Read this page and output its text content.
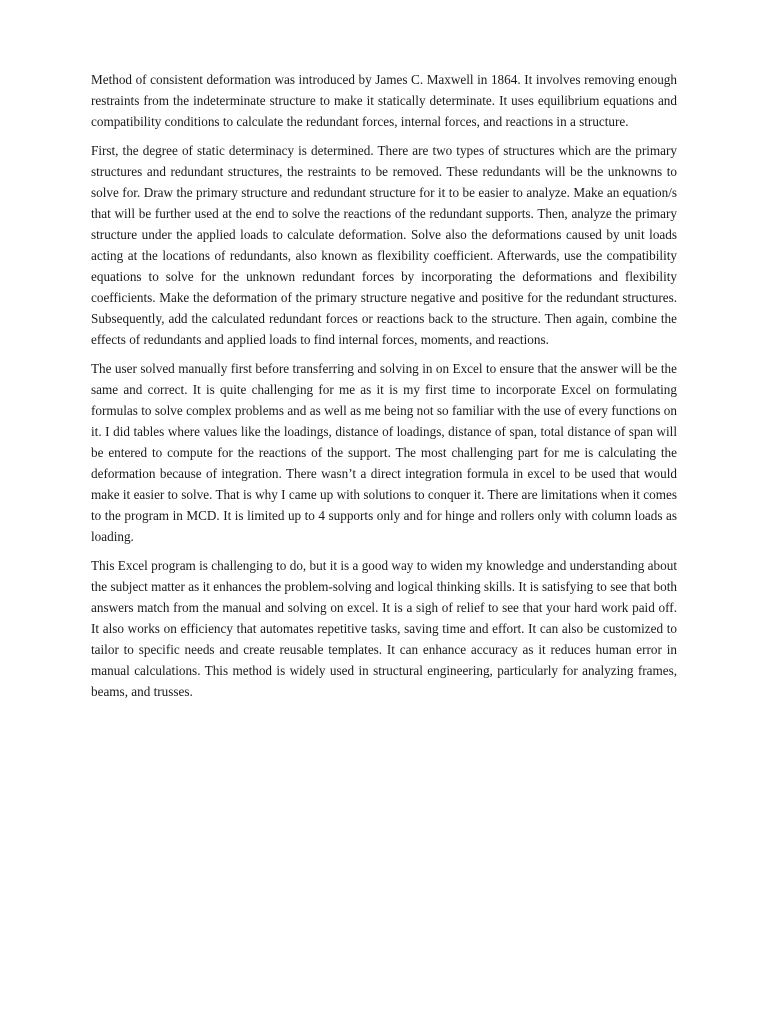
Method of consistent deformation was introduced by James C. Maxwell in 1864. It involves removing enough restraints from the indeterminate structure to make it statically determinate. It uses equilibrium equations and compatibility conditions to calculate the redundant forces, internal forces, and reactions in a structure.

First, the degree of static determinacy is determined. There are two types of structures which are the primary structures and redundant structures, the restraints to be removed. These redundants will be the unknowns to solve for. Draw the primary structure and redundant structure for it to be easier to analyze. Make an equation/s that will be further used at the end to solve the reactions of the redundant supports. Then, analyze the primary structure under the applied loads to calculate deformation. Solve also the deformations caused by unit loads acting at the locations of redundants, also known as flexibility coefficient. Afterwards, use the compatibility equations to solve for the unknown redundant forces by incorporating the deformations and flexibility coefficients. Make the deformation of the primary structure negative and positive for the redundant structures. Subsequently, add the calculated redundant forces or reactions back to the structure. Then again, combine the effects of redundants and applied loads to find internal forces, moments, and reactions.

The user solved manually first before transferring and solving in on Excel to ensure that the answer will be the same and correct. It is quite challenging for me as it is my first time to incorporate Excel on formulating formulas to solve complex problems and as well as me being not so familiar with the use of every functions on it. I did tables where values like the loadings, distance of loadings, distance of span, total distance of span will be entered to compute for the reactions of the support. The most challenging part for me is calculating the deformation because of integration. There wasn’t a direct integration formula in excel to be used that would make it easier to solve. That is why I came up with solutions to conquer it. There are limitations when it comes to the program in MCD. It is limited up to 4 supports only and for hinge and rollers only with column loads as loading.

This Excel program is challenging to do, but it is a good way to widen my knowledge and understanding about the subject matter as it enhances the problem-solving and logical thinking skills. It is satisfying to see that both answers match from the manual and solving on excel. It is a sigh of relief to see that your hard work paid off. It also works on efficiency that automates repetitive tasks, saving time and effort. It can also be customized to tailor to specific needs and create reusable templates. It can enhance accuracy as it reduces human error in manual calculations. This method is widely used in structural engineering, particularly for analyzing frames, beams, and trusses.
